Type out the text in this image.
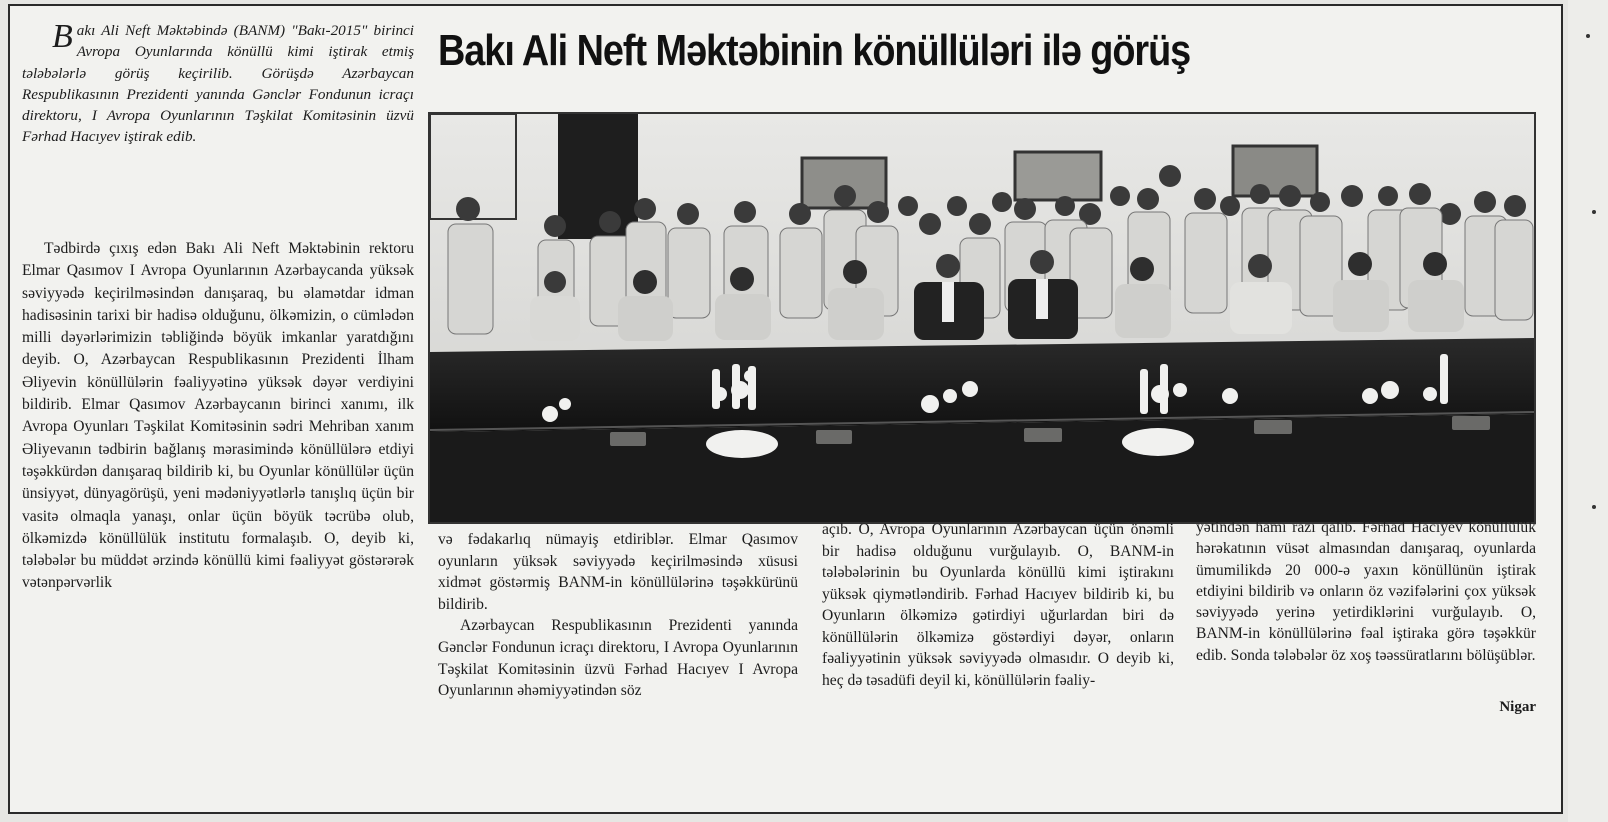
Bakı Ali Neft Məktəbində (BANM) "Bakı-2015" birinci Avropa Oyunlarında könüllü kimi iştirak etmiş tələbələrlə görüş keçirilib. Görüşdə Azərbaycan Respublikasının Prezidenti yanında Gənclər Fondunun icraçı direktoru, I Avropa Oyunlarının Təşkilat Komitəsinin üzvü Fərhad Hacıyev iştirak edib.

Bakı Ali Neft Məktəbinin könüllüləri ilə görüş

Tədbirdə çıxış edən Bakı Ali Neft Məktəbinin rektoru Elmar Qasımov I Avropa Oyunlarının Azərbaycanda yüksək səviyyədə keçirilməsindən danışaraq, bu əlamətdar idman hadisəsinin tarixi bir hadisə olduğunu, ölkəmizin, o cümlədən milli dəyərlərimizin təbliğində böyük imkanlar yaratdığını deyib. O, Azərbaycan Respublikasının Prezidenti İlham Əliyevin könüllülərin fəaliyyətinə yüksək dəyər verdiyini bildirib. Elmar Qasımov Azərbaycanın birinci xanımı, ilk Avropa Oyunları Təşkilat Komitəsinin sədri Mehriban xanım Əliyevanın tədbirin bağlanış mərasimində könüllülərə etdiyi təşəkkürdən danışaraq bildirib ki, bu Oyunlar könüllülər üçün ünsiyyət, dünyagörüşü, yeni mədəniyyətlərlə tanışlıq üçün bir vasitə olmaqla yanaşı, onlar üçün böyük təcrübə olub, ölkəmizdə könüllülük institutu formalaşıb. O, deyib ki, tələbələr bu müddət ərzində könüllü kimi fəaliyyət göstərərək vətənpərvərlik

və fədakarlıq nümayiş etdiriblər. Elmar Qasımov oyunların yüksək səviyyədə keçirilməsində xüsusi xidmət göstərmiş BANM-in könüllülərinə təşəkkürünü bildirib.

Azərbaycan Respublikasının Prezidenti yanında Gənclər Fondunun icraçı direktoru, I Avropa Oyunlarının Təşkilat Komitəsinin üzvü Fərhad Hacıyev I Avropa Oyunlarının əhəmiyyətindən söz

açıb. O, Avropa Oyunlarının Azərbaycan üçün önəmli bir hadisə olduğunu vurğulayıb. O, BANM-in tələbələrinin bu Oyunlarda könüllü kimi iştirakını yüksək qiymətləndirib. Fərhad Hacıyev bildirib ki, bu Oyunların ölkəmizə gətirdiyi uğurlardan biri də könüllülərin ölkəmizə göstərdiyi dəyər, onların fəaliyyətinin yüksək səviyyədə olmasıdır. O deyib ki, heç də təsadüfi deyil ki, könüllülərin fəaliy-

yətindən hamı razı qalıb. Fərhad Hacıyev könüllülük hərəkatının vüsət almasından danışaraq, oyunlarda ümumilikdə 20 000-ə yaxın könüllünün iştirak etdiyini bildirib və onların öz vəzifələrini çox yüksək səviyyədə yerinə yetirdiklərini vurğulayıb. O, BANM-in könüllülərinə fəal iştiraka görə təşəkkür edib. Sonda tələbələr öz xoş təəssüratlarını bölüşüblər.

Nigar
